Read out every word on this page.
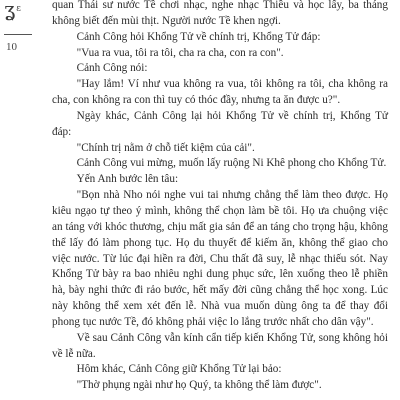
ʓ$^\varepsilon$
10

quan Thái sư nước Tề chơi nhạc, nghe nhạc Thiều và học lấy, ba tháng không biết đến mùi thịt. Người nước Tề khen ngợi.

Cảnh Công hỏi Khổng Tử về chính trị, Khổng Tử đáp:

"Vua ra vua, tôi ra tôi, cha ra cha, con ra con".

Cảnh Công nói:

"Hay lắm! Ví như vua không ra vua, tôi không ra tôi, cha không ra cha, con không ra con thì tuy có thóc đầy, nhưng ta ăn được u?".

Ngày khác, Cảnh Công lại hỏi Khổng Tử về chính trị, Khổng Tử đáp:

"Chính trị nằm ở chỗ tiết kiệm của cải".

Cảnh Công vui mừng, muốn lấy ruộng Ni Khê phong cho Khổng Tử.

Yến Anh bước lên tâu:

"Bọn nhà Nho nói nghe vui tai nhưng chẳng thể làm theo được. Họ kiêu ngạo tự theo ý mình, không thể chọn làm bề tôi. Họ ưa chuộng việc an táng với khóc thương, chịu mất gia sản để an táng cho trọng hậu, không thể lấy đó làm phong tục. Họ du thuyết để kiếm ăn, không thể giao cho việc nước. Từ lúc đại hiền ra đời, Chu thất đã suy, lễ nhạc thiếu sót. Nay Khổng Tử bày ra bao nhiêu nghi dung phục sức, lên xuống theo lễ phiền hà, bày nghi thức đi rảo bước, hết mấy đời cũng chẳng thể học xong. Lúc này không thể xem xét đến lễ. Nhà vua muốn dùng ông ta để thay đổi phong tục nước Tề, đó không phải việc lo lắng trước nhất cho dân vậy".

Về sau Cảnh Công vẫn kính cẩn tiếp kiến Khổng Tử, song không hỏi về lễ nữa.

Hôm khác, Cảnh Công giữ Khổng Tử lại bảo:

"Thờ phụng ngài như họ Quý, ta không thể làm được".
